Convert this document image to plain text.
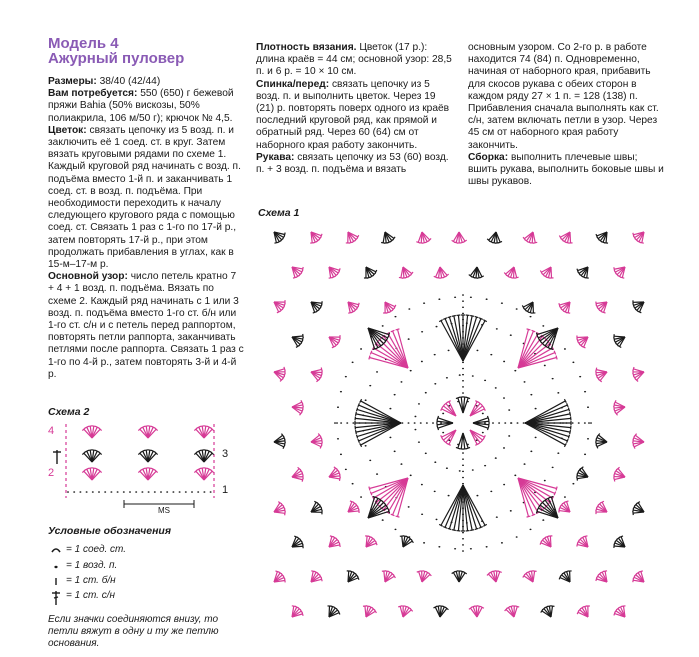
Модель 4
Ажурный пуловер

Размеры: 38/40 (42/44)

Вам потребуется: 550 (650) г бежевой пряжи Bahia (50% вискозы, 50% полиакрила, 106 м/50 г); крючок № 4,5.

Цветок: связать цепочку из 5 возд. п. и заключить её 1 соед. ст. в круг. Затем вязать круговыми рядами по схеме 1. Каждый круговой ряд начинать с возд. п. подъёма вместо 1-й п. и заканчивать 1 соед. ст. в возд. п. подъёма. При необходимости переходить к началу следующего кругового ряда с помощью соед. ст. Связать 1 раз с 1-го по 17-й р., затем повторять 17-й р., при этом продолжать прибавления в углах, как в 15-м–17-м р.

Основной узор: число петель кратно 7 + 4 + 1 возд. п. подъёма. Вязать по схеме 2. Каждый ряд начинать с 1 или 3 возд. п. подъёма вместо 1-го ст. б/н или 1-го ст. с/н и с петель перед раппортом, повторять петли раппорта, заканчивать петлями после раппорта. Связать 1 раз с 1-го по 4-й р., затем повторять 3-й и 4-й р.

Плотность вязания. Цветок (17 р.): длина краёв = 44 см; основной узор: 28,5 п. и 6 р. = 10 × 10 см.

Спинка/перед: связать цепочку из 5 возд. п. и выполнить цветок. Через 19 (21) р. повторять поверх одного из краёв последний круговой ряд, как прямой и обратный ряд. Через 60 (64) см от наборного края работу закончить.

Рукава: связать цепочку из 53 (60) возд. п. + 3 возд. п. подъёма и вязать

основным узором. Со 2-го р. в работе находится 74 (84) п. Одновременно, начиная от наборного края, прибавить для скосов рукава с обеих сторон в каждом ряду 27 × 1 п. = 128 (138) п. Прибавления сначала выполнять как ст. с/н, затем включать петли в узор. Через 45 см от наборного края работу закончить.

Сборка: выполнить плечевые швы; вшить рукава, выполнить боковые швы и швы рукавов.

Схема 1
Схема 2
4
3
2
1
MS
Условные обозначения
= 1 соед. ст.
= 1 возд. п.
= 1 ст. б/н
= 1 ст. с/н
Если значки соединяются внизу, то петли вяжут в одну и ту же петлю основания.
